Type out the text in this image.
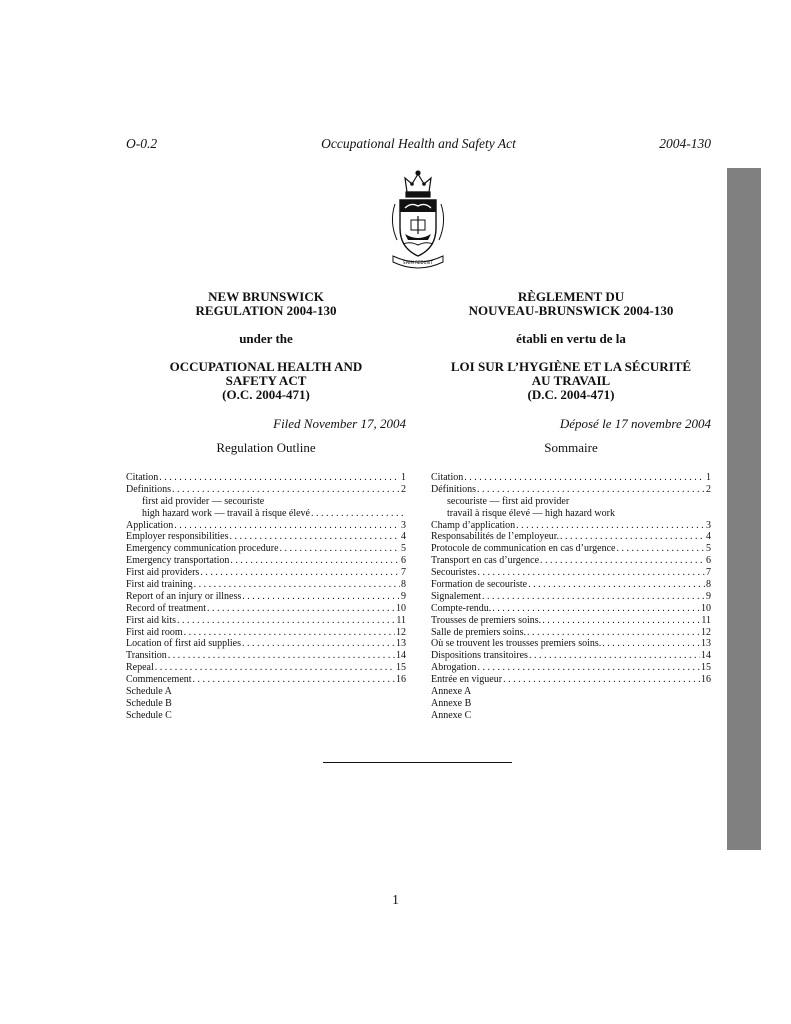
O-0.2	Occupational Health and Safety Act	2004-130
SPEM REDUXIT
NEW BRUNSWICK
REGULATION 2004-130
under the
OCCUPATIONAL HEALTH AND
SAFETY ACT
(O.C. 2004-471)
Filed November 17, 2004
Regulation Outline
Citation . . .	1
Definitions . . .	2
first aid provider — secouriste
high hazard work — travail à risque élevé
. . .
Application . . .	3
Employer responsibilities . . .	4
Emergency communication procedure . . .	5
Emergency transportation . . .	6
First aid providers . . .	7
First aid training . . .	8
Report of an injury or illness . . .	9
Record of treatment . . .	10
First aid kits . . .	11
First aid room . . .	12
Location of first aid supplies . . .	13
Transition . . .	14
Repeal . . .	15
Commencement . . .	16
Schedule A
Schedule B
Schedule C
RÈGLEMENT DU
NOUVEAU-BRUNSWICK 2004-130
établi en vertu de la
LOI SUR L’HYGIÈNE ET LA SÉCURITÉ
AU TRAVAIL
(D.C. 2004-471)
Déposé le 17 novembre 2004
Sommaire
Citation . . .	1
Définitions . . .	2
secouriste — first aid provider
travail à risque élevé — high hazard work
Champ d’application . . .	3
Responsabilités de l’employeur. . . .	4
Protocole de communication en cas d’urgence . . .	5
Transport en cas d’urgence . . .	6
Secouristes . . .	7
Formation de secouriste . . .	8
Signalement . . .	9
Compte-rendu. . . .	10
Trousses de premiers soins. . . .	11
Salle de premiers soins. . . .	12
Où se trouvent les trousses premiers soins. . . .	13
Dispositions transitoires . . .	14
Abrogation . . .	15
Entrée en vigueur . . .	16
Annexe A
Annexe B
Annexe C
1
